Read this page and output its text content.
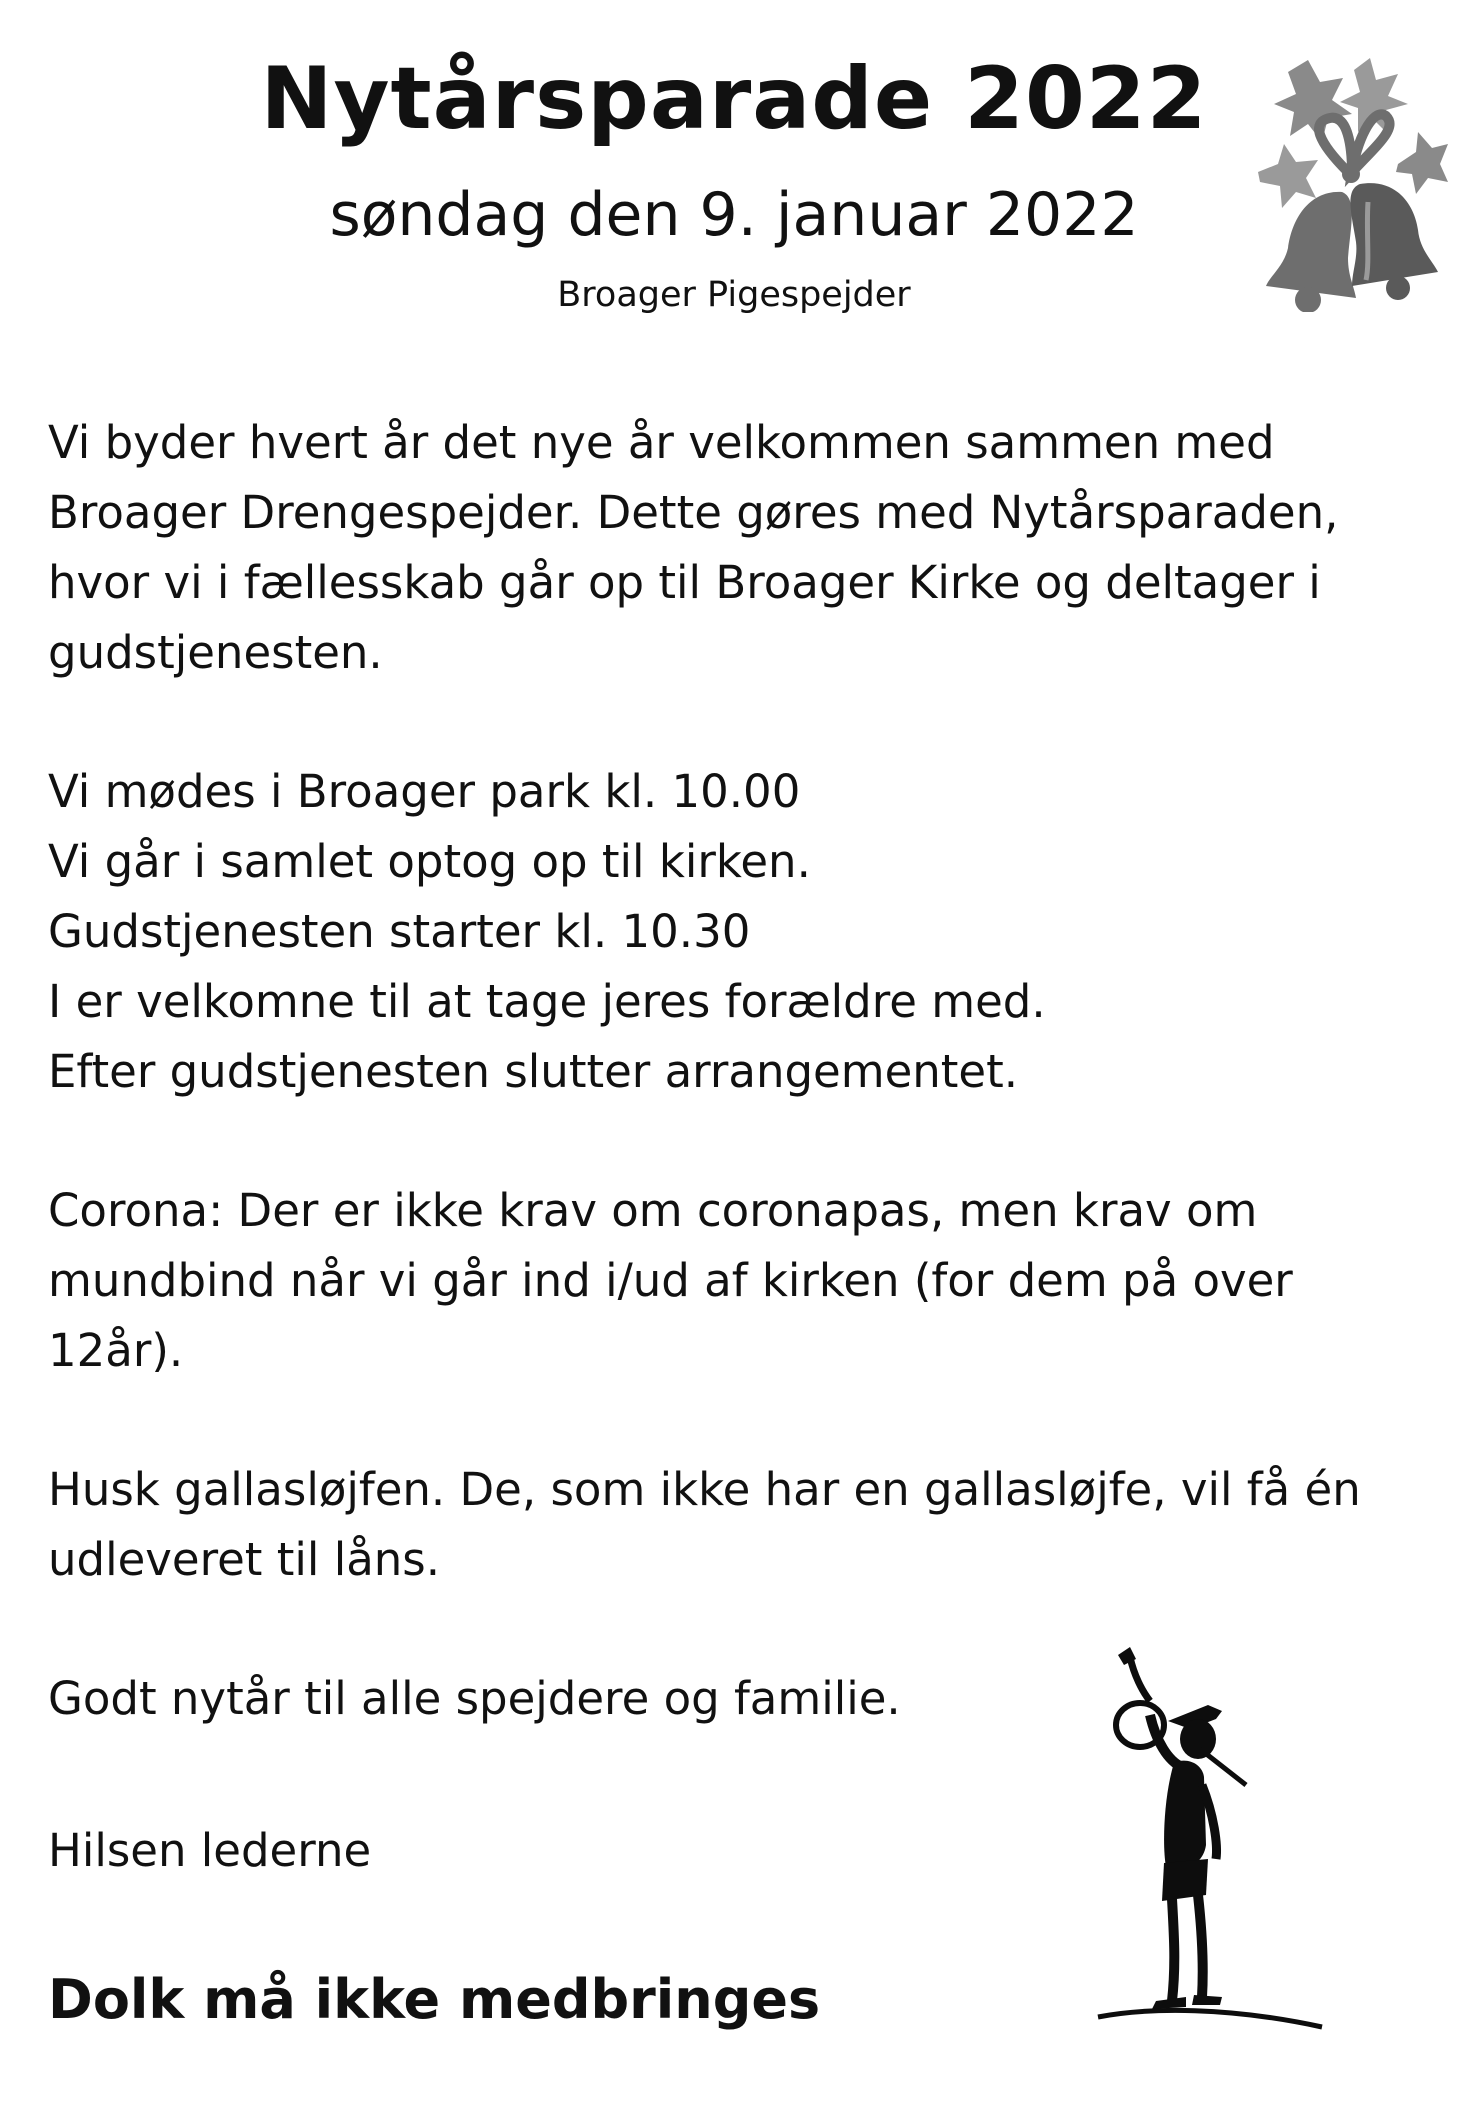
Nytårsparade 2022
søndag den 9. januar 2022

Broager Pigespejder

Vi byder hvert år det nye år velkommen sammen med
Broager Drengespejder. Dette gøres med Nytårsparaden,
hvor vi i fællesskab går op til Broager Kirke og deltager i
gudstjenesten.
Vi mødes i Broager park kl. 10.00
Vi går i samlet optog op til kirken.
Gudstjenesten starter kl. 10.30
I er velkomne til at tage jeres forældre med.
Efter gudstjenesten slutter arrangementet.
Corona: Der er ikke krav om coronapas, men krav om
mundbind når vi går ind i/ud af kirken (for dem på over
12år).
Husk gallasløjfen. De, som ikke har en gallasløjfe, vil få én
udleveret til låns.

Godt nytår til alle spejdere og familie.

Hilsen lederne

Dolk må ikke medbringes
